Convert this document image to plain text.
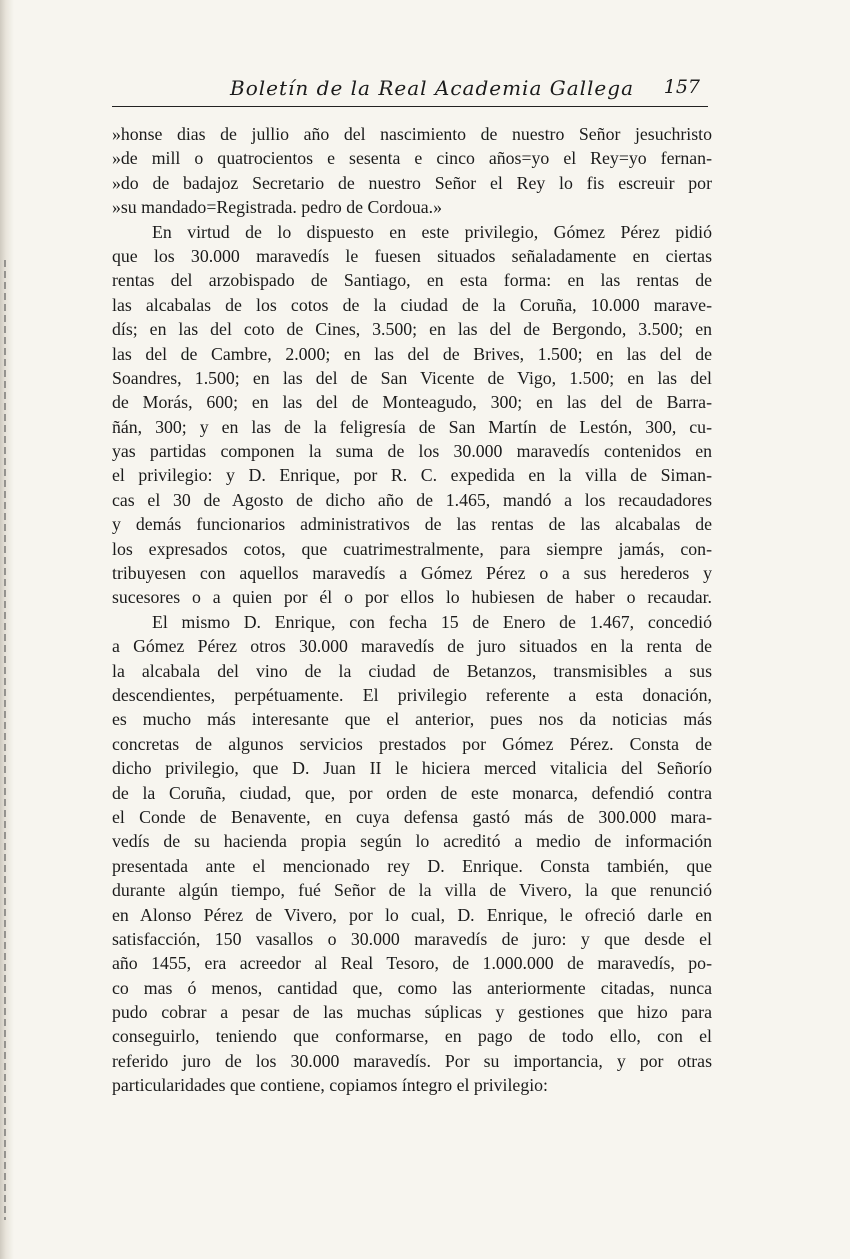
Boletín de la Real Academia Gallega 157
»honse dias de jullio año del nascimiento de nuestro Señor jesuchristo
»de mill o quatrocientos e sesenta e cinco años=yo el Rey=yo fernan-
»do de badajoz Secretario de nuestro Señor el Rey lo fis escreuir por
»su mandado=Registrada. pedro de Cordoua.»
En virtud de lo dispuesto en este privilegio, Gómez Pérez pidió
que los 30.000 maravedís le fuesen situados señaladamente en ciertas
rentas del arzobispado de Santiago, en esta forma: en las rentas de
las alcabalas de los cotos de la ciudad de la Coruña, 10.000 marave-
dís; en las del coto de Cines, 3.500; en las del de Bergondo, 3.500; en
las del de Cambre, 2.000; en las del de Brives, 1.500; en las del de
Soandres, 1.500; en las del de San Vicente de Vigo, 1.500; en las del
de Morás, 600; en las del de Monteagudo, 300; en las del de Barra-
ñán, 300; y en las de la feligresía de San Martín de Lestón, 300, cu-
yas partidas componen la suma de los 30.000 maravedís contenidos en
el privilegio: y D. Enrique, por R. C. expedida en la villa de Siman-
cas el 30 de Agosto de dicho año de 1.465, mandó a los recaudadores
y demás funcionarios administrativos de las rentas de las alcabalas de
los expresados cotos, que cuatrimestralmente, para siempre jamás, con-
tribuyesen con aquellos maravedís a Gómez Pérez o a sus herederos y
sucesores o a quien por él o por ellos lo hubiesen de haber o recaudar.
El mismo D. Enrique, con fecha 15 de Enero de 1.467, concedió
a Gómez Pérez otros 30.000 maravedís de juro situados en la renta de
la alcabala del vino de la ciudad de Betanzos, transmisibles a sus
descendientes, perpétuamente. El privilegio referente a esta donación,
es mucho más interesante que el anterior, pues nos da noticias más
concretas de algunos servicios prestados por Gómez Pérez. Consta de
dicho privilegio, que D. Juan II le hiciera merced vitalicia del Señorío
de la Coruña, ciudad, que, por orden de este monarca, defendió contra
el Conde de Benavente, en cuya defensa gastó más de 300.000 mara-
vedís de su hacienda propia según lo acreditó a medio de información
presentada ante el mencionado rey D. Enrique. Consta también, que
durante algún tiempo, fué Señor de la villa de Vivero, la que renunció
en Alonso Pérez de Vivero, por lo cual, D. Enrique, le ofreció darle en
satisfacción, 150 vasallos o 30.000 maravedís de juro: y que desde el
año 1455, era acreedor al Real Tesoro, de 1.000.000 de maravedís, po-
co mas ó menos, cantidad que, como las anteriormente citadas, nunca
pudo cobrar a pesar de las muchas súplicas y gestiones que hizo para
conseguirlo, teniendo que conformarse, en pago de todo ello, con el
referido juro de los 30.000 maravedís. Por su importancia, y por otras
particularidades que contiene, copiamos íntegro el privilegio:
